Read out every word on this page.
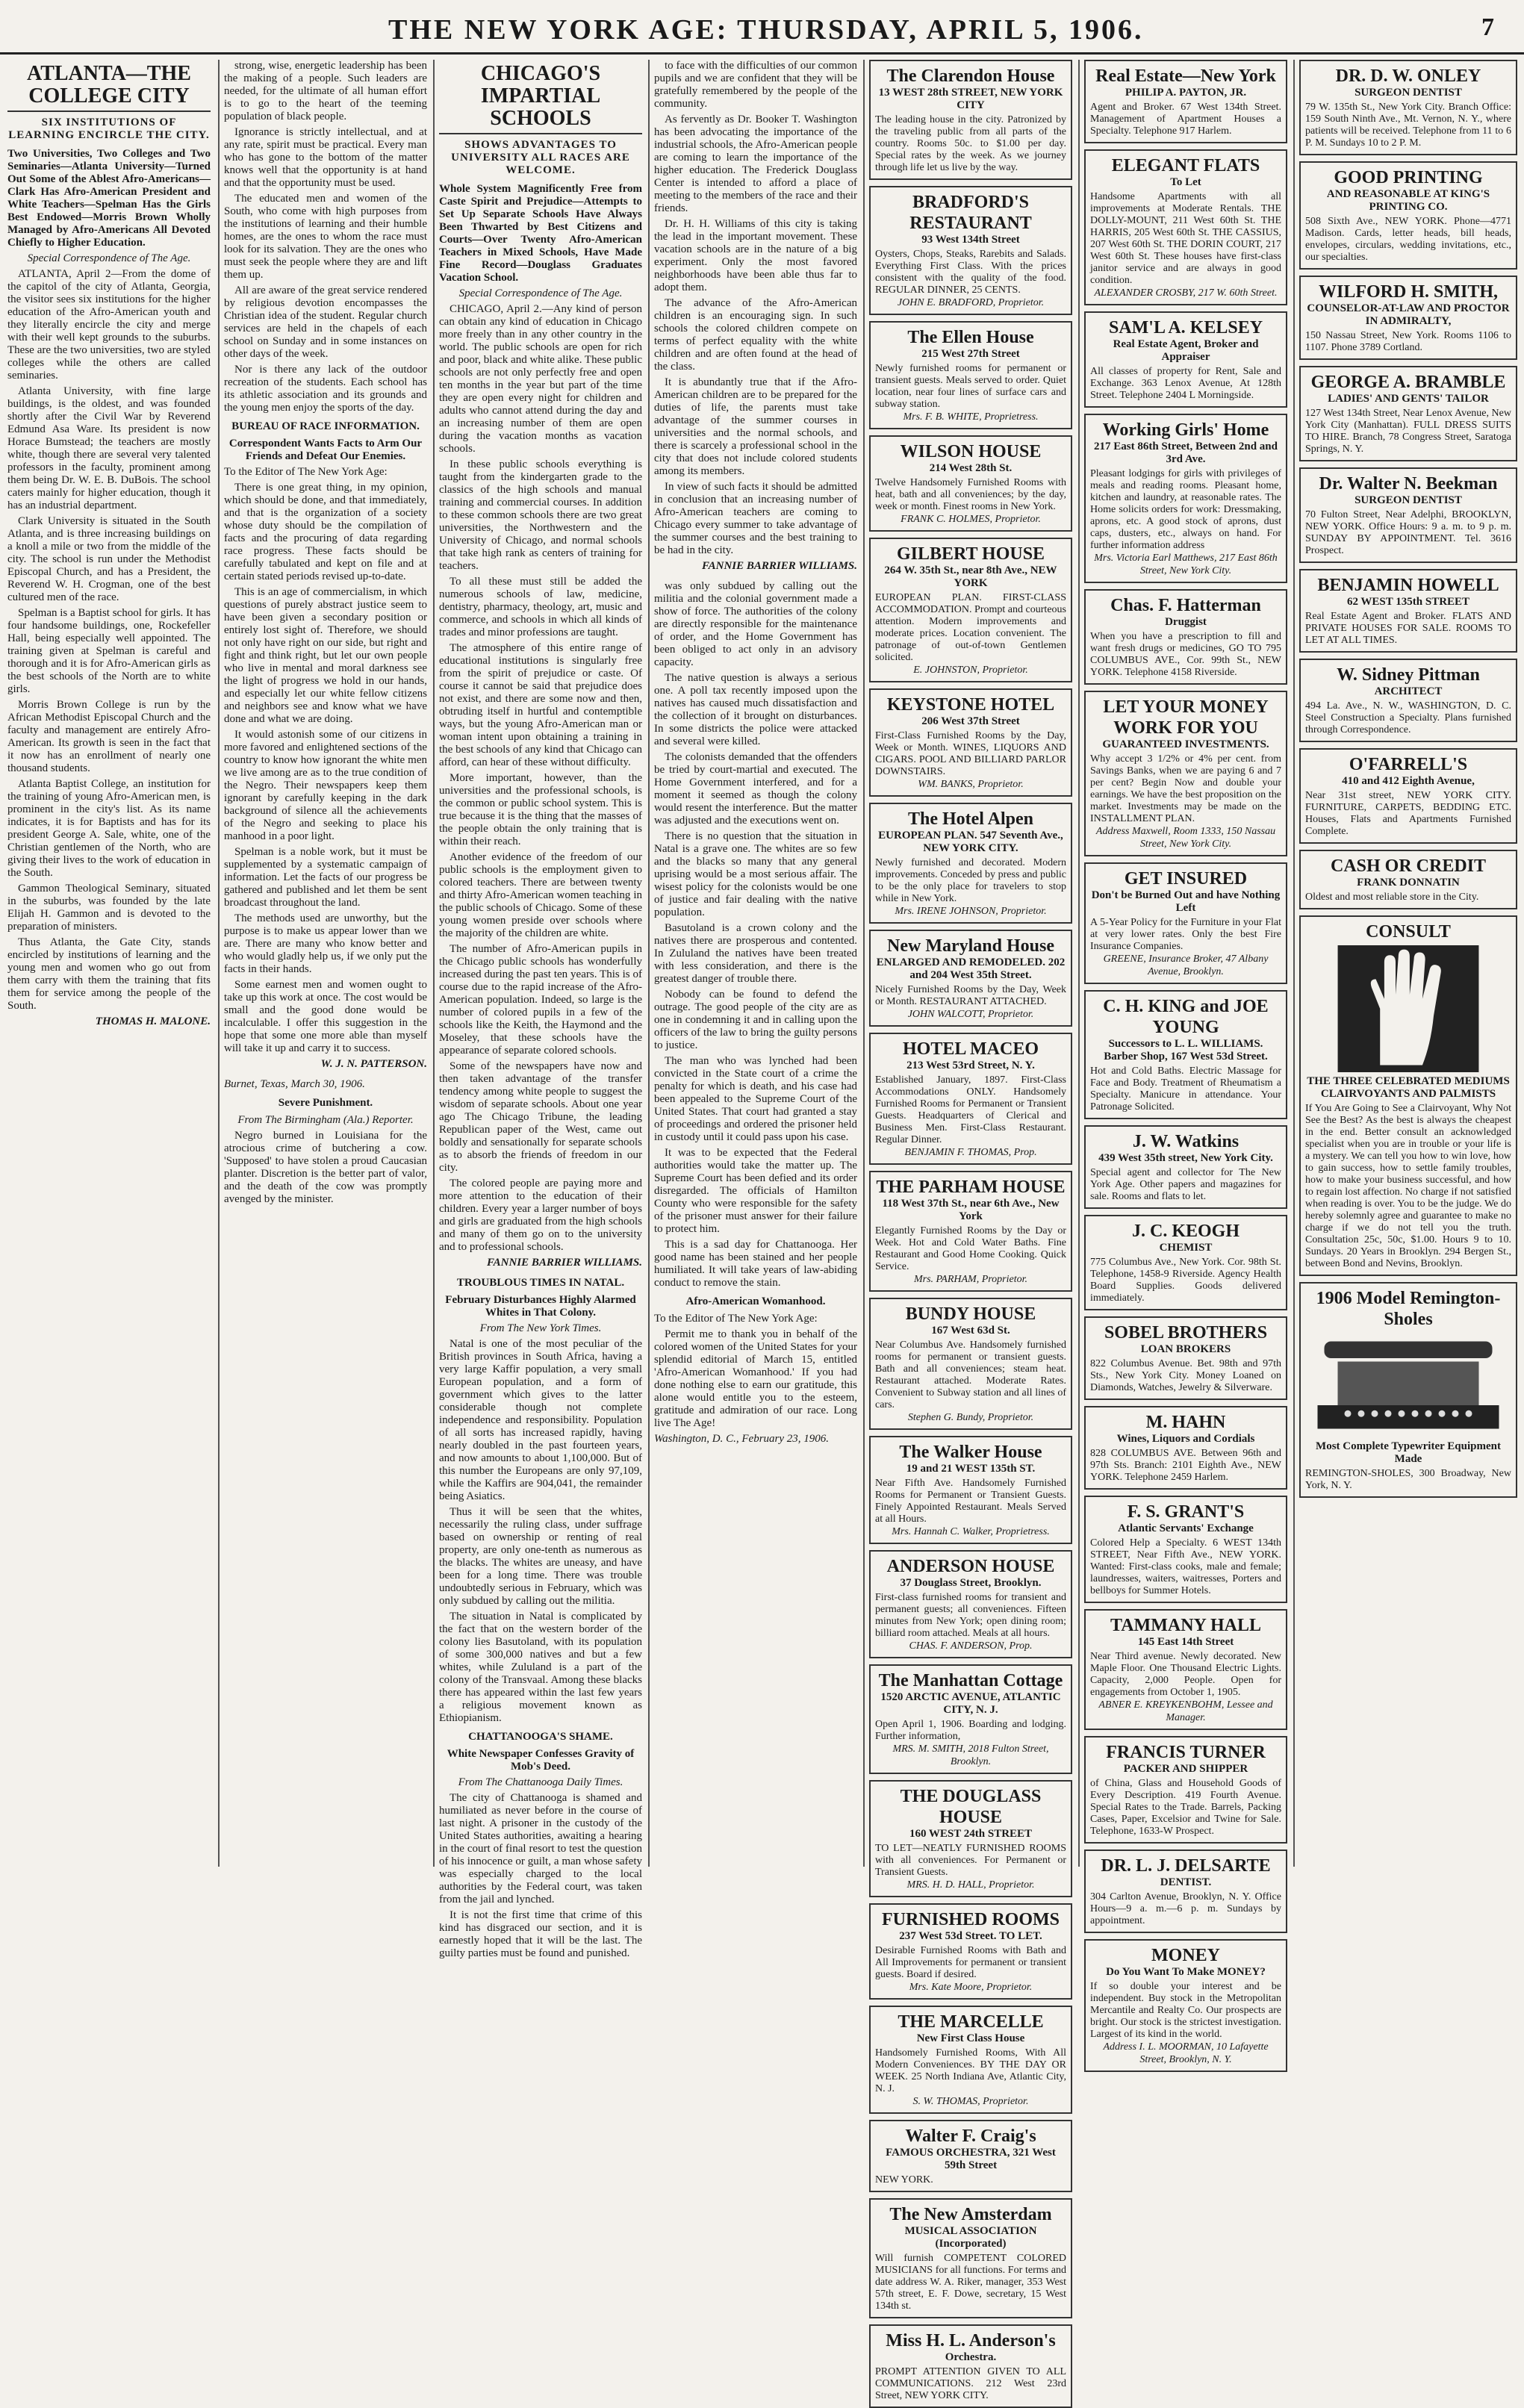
THE NEW YORK AGE: THURSDAY, APRIL 5, 1906.	7
ATLANTA—THE COLLEGE CITY
SIX INSTITUTIONS OF LEARNING ENCIRCLE THE CITY.

Two Universities, Two Colleges and Two Seminaries—Atlanta University—Turned Out Some of the Ablest Afro-Americans—Clark Has Afro-American President and White Teachers—Spelman Has the Girls Best Endowed—Morris Brown Wholly Managed by Afro-Americans All Devoted Chiefly to Higher Education.

Special Correspondence of The Age.

ATLANTA, April 2—From the dome of the capitol of the city of Atlanta, Georgia, the visitor sees six institutions for the higher education of the Afro-American youth and they literally encircle the city and merge with their well kept grounds to the suburbs. These are the two universities, two are styled colleges while the others are called seminaries.

Atlanta University, with fine large buildings, is the oldest, and was founded shortly after the Civil War by Reverend Edmund Asa Ware. Its president is now Horace Bumstead; the teachers are mostly white, though there are several very talented professors in the faculty, prominent among them being Dr. W. E. B. DuBois. The school caters mainly for higher education, though it has an industrial department.

Clark University is situated in the South Atlanta, and is three increasing buildings on a knoll a mile or two from the middle of the city. The school is run under the Methodist Episcopal Church, and has a President, the Reverend W. H. Crogman, one of the best cultured men of the race.

Spelman is a Baptist school for girls. It has four handsome buildings, one, Rockefeller Hall, being especially well appointed. The training given at Spelman is careful and thorough and it is for Afro-American girls as the best schools of the North are to white girls.

Morris Brown College is run by the African Methodist Episcopal Church and the faculty and management are entirely Afro-American. Its growth is seen in the fact that it now has an enrollment of nearly one thousand students.

Atlanta Baptist College, an institution for the training of young Afro-American men, is prominent in the city's list. As its name indicates, it is for Baptists and has for its president George A. Sale, white, one of the Christian gentlemen of the North, who are giving their lives to the work of education in the South.

Gammon Theological Seminary, situated in the suburbs, was founded by the late Elijah H. Gammon and is devoted to the preparation of ministers.

Thus Atlanta, the Gate City, stands encircled by institutions of learning and the young men and women who go out from them carry with them the training that fits them for service among the people of the South.

THOMAS H. MALONE.

strong, wise, energetic leadership has been the making of a people. Such leaders are needed, for the ultimate of all human effort is to go to the heart of the teeming population of black people.

Ignorance is strictly intellectual, and at any rate, spirit must be practical. Every man who has gone to the bottom of the matter knows well that the opportunity is at hand and that the opportunity must be used.

The educated men and women of the South, who come with high purposes from the institutions of learning and their humble homes, are the ones to whom the race must look for its salvation. They are the ones who must seek the people where they are and lift them up.

All are aware of the great service rendered by religious devotion encompasses the Christian idea of the student. Regular church services are held in the chapels of each school on Sunday and in some instances on other days of the week.

Nor is there any lack of the outdoor recreation of the students. Each school has its athletic association and its grounds and the young men enjoy the sports of the day.

BUREAU OF RACE INFORMATION.

Correspondent Wants Facts to Arm Our Friends and Defeat Our Enemies.

To the Editor of The New York Age:

There is one great thing, in my opinion, which should be done, and that immediately, and that is the organization of a society whose duty should be the compilation of facts and the procuring of data regarding race progress. These facts should be carefully tabulated and kept on file and at certain stated periods revised up-to-date.

This is an age of commercialism, in which questions of purely abstract justice seem to have been given a secondary position or entirely lost sight of. Therefore, we should not only have right on our side, but right and fight and think right, but let our own people who live in mental and moral darkness see the light of progress we hold in our hands, and especially let our white fellow citizens and neighbors see and know what we have done and what we are doing.

It would astonish some of our citizens in more favored and enlightened sections of the country to know how ignorant the white men we live among are as to the true condition of the Negro. Their newspapers keep them ignorant by carefully keeping in the dark background of silence all the achievements of the Negro and seeking to place his manhood in a poor light.

Spelman is a noble work, but it must be supplemented by a systematic campaign of information. Let the facts of our progress be gathered and published and let them be sent broadcast throughout the land.

The methods used are unworthy, but the purpose is to make us appear lower than we are. There are many who know better and who would gladly help us, if we only put the facts in their hands.

Some earnest men and women ought to take up this work at once. The cost would be small and the good done would be incalculable. I offer this suggestion in the hope that some one more able than myself will take it up and carry it to success.

W. J. N. PATTERSON.

Burnet, Texas, March 30, 1906.

Severe Punishment.

From The Birmingham (Ala.) Reporter.

Negro burned in Louisiana for the atrocious crime of butchering a cow. 'Supposed' to have stolen a proud Caucasian planter. Discretion is the better part of valor, and the death of the cow was promptly avenged by the minister.

CHICAGO'S IMPARTIAL SCHOOLS
SHOWS ADVANTAGES TO UNIVERSITY ALL RACES ARE WELCOME.

Whole System Magnificently Free from Caste Spirit and Prejudice—Attempts to Set Up Separate Schools Have Always Been Thwarted by Best Citizens and Courts—Over Twenty Afro-American Teachers in Mixed Schools, Have Made Fine Record—Douglass Graduates Vacation School.

Special Correspondence of The Age.

CHICAGO, April 2.—Any kind of person can obtain any kind of education in Chicago more freely than in any other country in the world. The public schools are open for rich and poor, black and white alike. These public schools are not only perfectly free and open ten months in the year but part of the time they are open every night for children and adults who cannot attend during the day and an increasing number of them are open during the vacation months as vacation schools.

In these public schools everything is taught from the kindergarten grade to the classics of the high schools and manual training and commercial courses. In addition to these common schools there are two great universities, the Northwestern and the University of Chicago, and normal schools that take high rank as centers of training for teachers.

To all these must still be added the numerous schools of law, medicine, dentistry, pharmacy, theology, art, music and commerce, and schools in which all kinds of trades and minor professions are taught.

The atmosphere of this entire range of educational institutions is singularly free from the spirit of prejudice or caste. Of course it cannot be said that prejudice does not exist, and there are some now and then, obtruding itself in hurtful and contemptible ways, but the young Afro-American man or woman intent upon obtaining a training in the best schools of any kind that Chicago can afford, can hear of these without difficulty.

More important, however, than the universities and the professional schools, is the common or public school system. This is true because it is the thing that the masses of the people obtain the only training that is within their reach.

Another evidence of the freedom of our public schools is the employment given to colored teachers. There are between twenty and thirty Afro-American women teaching in the public schools of Chicago. Some of these young women preside over schools where the majority of the children are white.

The number of Afro-American pupils in the Chicago public schools has wonderfully increased during the past ten years. This is of course due to the rapid increase of the Afro-American population. Indeed, so large is the number of colored pupils in a few of the schools like the Keith, the Haymond and the Moseley, that these schools have the appearance of separate colored schools.

Some of the newspapers have now and then taken advantage of the transfer tendency among white people to suggest the wisdom of separate schools. About one year ago The Chicago Tribune, the leading Republican paper of the West, came out boldly and sensationally for separate schools as to absorb the friends of freedom in our city.

The colored people are paying more and more attention to the education of their children. Every year a larger number of boys and girls are graduated from the high schools and many of them go on to the university and to professional schools.

FANNIE BARRIER WILLIAMS.
TROUBLOUS TIMES IN NATAL.

February Disturbances Highly Alarmed Whites in That Colony.

From The New York Times.

Natal is one of the most peculiar of the British provinces in South Africa, having a very large Kaffir population, a very small European population, and a form of government which gives to the latter considerable though not complete independence and responsibility. Population of all sorts has increased rapidly, having nearly doubled in the past fourteen years, and now amounts to about 1,100,000. But of this number the Europeans are only 97,109, while the Kaffirs are 904,041, the remainder being Asiatics.

Thus it will be seen that the whites, necessarily the ruling class, under suffrage based on ownership or renting of real property, are only one-tenth as numerous as the blacks. The whites are uneasy, and have been for a long time. There was trouble undoubtedly serious in February, which was only subdued by calling out the militia.

The situation in Natal is complicated by the fact that on the western border of the colony lies Basutoland, with its population of some 300,000 natives and but a few whites, while Zululand is a part of the colony of the Transvaal. Among these blacks there has appeared within the last few years a religious movement known as Ethiopianism.

CHATTANOOGA'S SHAME.

White Newspaper Confesses Gravity of Mob's Deed.

From The Chattanooga Daily Times.

The city of Chattanooga is shamed and humiliated as never before in the course of last night. A prisoner in the custody of the United States authorities, awaiting a hearing in the court of final resort to test the question of his innocence or guilt, a man whose safety was especially charged to the local authorities by the Federal court, was taken from the jail and lynched.

It is not the first time that crime of this kind has disgraced our section, and it is earnestly hoped that it will be the last. The guilty parties must be found and punished.

to face with the difficulties of our common pupils and we are confident that they will be gratefully remembered by the people of the community.

As fervently as Dr. Booker T. Washington has been advocating the importance of the industrial schools, the Afro-American people are coming to learn the importance of the higher education. The Frederick Douglass Center is intended to afford a place of meeting to the members of the race and their friends.

Dr. H. H. Williams of this city is taking the lead in the important movement. These vacation schools are in the nature of a big experiment. Only the most favored neighborhoods have been able thus far to adopt them.

The advance of the Afro-American children is an encouraging sign. In such schools the colored children compete on terms of perfect equality with the white children and are often found at the head of the class.

It is abundantly true that if the Afro-American children are to be prepared for the duties of life, the parents must take advantage of the summer courses in universities and the normal schools, and there is scarcely a professional school in the city that does not include colored students among its members.

In view of such facts it should be admitted in conclusion that an increasing number of Afro-American teachers are coming to Chicago every summer to take advantage of the summer courses and the best training to be had in the city.

FANNIE BARRIER WILLIAMS.

was only subdued by calling out the militia and the colonial government made a show of force. The authorities of the colony are directly responsible for the maintenance of order, and the Home Government has been obliged to act only in an advisory capacity.

The native question is always a serious one. A poll tax recently imposed upon the natives has caused much dissatisfaction and the collection of it brought on disturbances. In some districts the police were attacked and several were killed.

The colonists demanded that the offenders be tried by court-martial and executed. The Home Government interfered, and for a moment it seemed as though the colony would resent the interference. But the matter was adjusted and the executions went on.

There is no question that the situation in Natal is a grave one. The whites are so few and the blacks so many that any general uprising would be a most serious affair. The wisest policy for the colonists would be one of justice and fair dealing with the native population.

Basutoland is a crown colony and the natives there are prosperous and contented. In Zululand the natives have been treated with less consideration, and there is the greatest danger of trouble there.

Nobody can be found to defend the outrage. The good people of the city are as one in condemning it and in calling upon the officers of the law to bring the guilty persons to justice.

The man who was lynched had been convicted in the State court of a crime the penalty for which is death, and his case had been appealed to the Supreme Court of the United States. That court had granted a stay of proceedings and ordered the prisoner held in custody until it could pass upon his case.

It was to be expected that the Federal authorities would take the matter up. The Supreme Court has been defied and its order disregarded. The officials of Hamilton County who were responsible for the safety of the prisoner must answer for their failure to protect him.

This is a sad day for Chattanooga. Her good name has been stained and her people humiliated. It will take years of law-abiding conduct to remove the stain.

Afro-American Womanhood.

To the Editor of The New York Age:

Permit me to thank you in behalf of the colored women of the United States for your splendid editorial of March 15, entitled 'Afro-American Womanhood.' If you had done nothing else to earn our gratitude, this alone would entitle you to the esteem, gratitude and admiration of our race. Long live The Age!

Washington, D. C., February 23, 1906.

The Clarendon House
13 WEST 28th STREET, NEW YORK CITY
The leading house in the city. Patronized by the traveling public from all parts of the country. Rooms 50c. to $1.00 per day. Special rates by the week. As we journey through life let us live by the way.
BRADFORD'S RESTAURANT
93 West 134th Street
Oysters, Chops, Steaks, Rarebits and Salads. Everything First Class. With the prices consistent with the quality of the food. REGULAR DINNER, 25 CENTS.
JOHN E. BRADFORD, Proprietor.
The Ellen House
215 West 27th Street
Newly furnished rooms for permanent or transient guests. Meals served to order. Quiet location, near four lines of surface cars and subway station.
Mrs. F. B. WHITE, Proprietress.
WILSON HOUSE
214 West 28th St.
Twelve Handsomely Furnished Rooms with heat, bath and all conveniences; by the day, week or month. Finest rooms in New York.
FRANK C. HOLMES, Proprietor.
GILBERT HOUSE
264 W. 35th St., near 8th Ave., NEW YORK
EUROPEAN PLAN. FIRST-CLASS ACCOMMODATION. Prompt and courteous attention. Modern improvements and moderate prices. Location convenient. The patronage of out-of-town Gentlemen solicited.
E. JOHNSTON, Proprietor.
KEYSTONE HOTEL
206 West 37th Street
First-Class Furnished Rooms by the Day, Week or Month. WINES, LIQUORS AND CIGARS. POOL AND BILLIARD PARLOR DOWNSTAIRS.
WM. BANKS, Proprietor.
The Hotel Alpen
EUROPEAN PLAN. 547 Seventh Ave., NEW YORK CITY.
Newly furnished and decorated. Modern improvements. Conceded by press and public to be the only place for travelers to stop while in New York.
Mrs. IRENE JOHNSON, Proprietor.
New Maryland House
ENLARGED AND REMODELED. 202 and 204 West 35th Street.
Nicely Furnished Rooms by the Day, Week or Month. RESTAURANT ATTACHED.
JOHN WALCOTT, Proprietor.
HOTEL MACEO
213 West 53rd Street, N. Y.
Established January, 1897. First-Class Accommodations ONLY. Handsomely Furnished Rooms for Permanent or Transient Guests. Headquarters of Clerical and Business Men. First-Class Restaurant. Regular Dinner.
BENJAMIN F. THOMAS, Prop.
THE PARHAM HOUSE
118 West 37th St., near 6th Ave., New York
Elegantly Furnished Rooms by the Day or Week. Hot and Cold Water Baths. Fine Restaurant and Good Home Cooking. Quick Service.
Mrs. PARHAM, Proprietor.
BUNDY HOUSE
167 West 63d St.
Near Columbus Ave. Handsomely furnished rooms for permanent or transient guests. Bath and all conveniences; steam heat. Restaurant attached. Moderate Rates. Convenient to Subway station and all lines of cars.
Stephen G. Bundy, Proprietor.
The Walker House
19 and 21 WEST 135th ST.
Near Fifth Ave. Handsomely Furnished Rooms for Permanent or Transient Guests. Finely Appointed Restaurant. Meals Served at all Hours.
Mrs. Hannah C. Walker, Proprietress.
ANDERSON HOUSE
37 Douglass Street, Brooklyn.
First-class furnished rooms for transient and permanent guests; all conveniences. Fifteen minutes from New York; open dining room; billiard room attached. Meals at all hours.
CHAS. F. ANDERSON, Prop.
The Manhattan Cottage
1520 ARCTIC AVENUE, ATLANTIC CITY, N. J.
Open April 1, 1906. Boarding and lodging. Further information,
MRS. M. SMITH, 2018 Fulton Street, Brooklyn.
THE DOUGLASS HOUSE
160 WEST 24th STREET
TO LET—NEATLY FURNISHED ROOMS with all conveniences. For Permanent or Transient Guests.
MRS. H. D. HALL, Proprietor.
FURNISHED ROOMS
237 West 53d Street. TO LET.
Desirable Furnished Rooms with Bath and All Improvements for permanent or transient guests. Board if desired.
Mrs. Kate Moore, Proprietor.
THE MARCELLE
New First Class House
Handsomely Furnished Rooms, With All Modern Conveniences. BY THE DAY OR WEEK. 25 North Indiana Ave, Atlantic City, N. J.
S. W. THOMAS, Proprietor.
Walter F. Craig's
FAMOUS ORCHESTRA, 321 West 59th Street
NEW YORK.
The New Amsterdam
MUSICAL ASSOCIATION (Incorporated)
Will furnish COMPETENT COLORED MUSICIANS for all functions. For terms and date address W. A. Riker, manager, 353 West 57th street, E. F. Dowe, secretary, 15 West 134th st.
Miss H. L. Anderson's
Orchestra.
PROMPT ATTENTION GIVEN TO ALL COMMUNICATIONS. 212 West 23rd Street, NEW YORK CITY.
Real Estate—New York
PHILIP A. PAYTON, JR.
Agent and Broker. 67 West 134th Street. Management of Apartment Houses a Specialty. Telephone 917 Harlem.
ELEGANT FLATS
To Let
Handsome Apartments with all improvements at Moderate Rentals. THE DOLLY-MOUNT, 211 West 60th St. THE HARRIS, 205 West 60th St. THE CASSIUS, 207 West 60th St. THE DORIN COURT, 217 West 60th St. These houses have first-class janitor service and are always in good condition.
ALEXANDER CROSBY, 217 W. 60th Street.
SAM'L A. KELSEY
Real Estate Agent, Broker and Appraiser
All classes of property for Rent, Sale and Exchange. 363 Lenox Avenue, At 128th Street. Telephone 2404 L Morningside.
Working Girls' Home
217 East 86th Street, Between 2nd and 3rd Ave.
Pleasant lodgings for girls with privileges of meals and reading rooms. Pleasant home, kitchen and laundry, at reasonable rates. The Home solicits orders for work: Dressmaking, aprons, etc. A good stock of aprons, dust caps, dusters, etc., always on hand. For further information address
Mrs. Victoria Earl Matthews, 217 East 86th Street, New York City.
Chas. F. Hatterman
Druggist
When you have a prescription to fill and want fresh drugs or medicines, GO TO 795 COLUMBUS AVE., Cor. 99th St., NEW YORK. Telephone 4158 Riverside.
LET YOUR MONEY WORK FOR YOU
GUARANTEED INVESTMENTS.
Why accept 3 1/2% or 4% per cent. from Savings Banks, when we are paying 6 and 7 per cent? Begin Now and double your earnings. We have the best proposition on the market. Investments may be made on the INSTALLMENT PLAN.
Address Maxwell, Room 1333, 150 Nassau Street, New York City.
GET INSURED
Don't be Burned Out and have Nothing Left
A 5-Year Policy for the Furniture in your Flat at very lower rates. Only the best Fire Insurance Companies.
GREENE, Insurance Broker, 47 Albany Avenue, Brooklyn.
C. H. KING and JOE YOUNG
Successors to L. L. WILLIAMS. Barber Shop, 167 West 53d Street.
Hot and Cold Baths. Electric Massage for Face and Body. Treatment of Rheumatism a Specialty. Manicure in attendance. Your Patronage Solicited.
J. W. Watkins
439 West 35th street, New York City.
Special agent and collector for The New York Age. Other papers and magazines for sale. Rooms and flats to let.
J. C. KEOGH
CHEMIST
775 Columbus Ave., New York. Cor. 98th St. Telephone, 1458-9 Riverside. Agency Health Board Supplies. Goods delivered immediately.
SOBEL BROTHERS
LOAN BROKERS
822 Columbus Avenue. Bet. 98th and 97th Sts., New York City. Money Loaned on Diamonds, Watches, Jewelry & Silverware.
M. HAHN
Wines, Liquors and Cordials
828 COLUMBUS AVE. Between 96th and 97th Sts. Branch: 2101 Eighth Ave., NEW YORK. Telephone 2459 Harlem.
F. S. GRANT'S
Atlantic Servants' Exchange
Colored Help a Specialty. 6 WEST 134th STREET, Near Fifth Ave., NEW YORK. Wanted: First-class cooks, male and female; laundresses, waiters, waitresses, Porters and bellboys for Summer Hotels.
TAMMANY HALL
145 East 14th Street
Near Third avenue. Newly decorated. New Maple Floor. One Thousand Electric Lights. Capacity, 2,000 People. Open for engagements from October 1, 1905.
ABNER E. KREYKENBOHM, Lessee and Manager.
FRANCIS TURNER
PACKER AND SHIPPER
of China, Glass and Household Goods of Every Description. 419 Fourth Avenue. Special Rates to the Trade. Barrels, Packing Cases, Paper, Excelsior and Twine for Sale. Telephone, 1633-W Prospect.
DR. L. J. DELSARTE
DENTIST.
304 Carlton Avenue, Brooklyn, N. Y. Office Hours—9 a. m.—6 p. m. Sundays by appointment.
MONEY
Do You Want To Make MONEY?
If so double your interest and be independent. Buy stock in the Metropolitan Mercantile and Realty Co. Our prospects are bright. Our stock is the strictest investigation. Largest of its kind in the world.
Address I. L. MOORMAN, 10 Lafayette Street, Brooklyn, N. Y.
DR. D. W. ONLEY
SURGEON DENTIST
79 W. 135th St., New York City. Branch Office: 159 South Ninth Ave., Mt. Vernon, N. Y., where patients will be received. Telephone from 11 to 6 P. M. Sundays 10 to 2 P. M.
GOOD PRINTING
AND REASONABLE AT KING'S PRINTING CO.
508 Sixth Ave., NEW YORK. Phone—4771 Madison. Cards, letter heads, bill heads, envelopes, circulars, wedding invitations, etc., our specialties.
WILFORD H. SMITH,
COUNSELOR-AT-LAW AND PROCTOR IN ADMIRALTY,
150 Nassau Street, New York. Rooms 1106 to 1107. Phone 3789 Cortland.
GEORGE A. BRAMBLE
LADIES' AND GENTS' TAILOR
127 West 134th Street, Near Lenox Avenue, New York City (Manhattan). FULL DRESS SUITS TO HIRE. Branch, 78 Congress Street, Saratoga Springs, N. Y.
Dr. Walter N. Beekman
SURGEON DENTIST
70 Fulton Street, Near Adelphi, BROOKLYN, NEW YORK. Office Hours: 9 a. m. to 9 p. m. SUNDAY BY APPOINTMENT. Tel. 3616 Prospect.
BENJAMIN HOWELL
62 WEST 135th STREET
Real Estate Agent and Broker. FLATS AND PRIVATE HOUSES FOR SALE. ROOMS TO LET AT ALL TIMES.
W. Sidney Pittman
ARCHITECT
494 La. Ave., N. W., WASHINGTON, D. C. Steel Construction a Specialty. Plans furnished through Correspondence.
O'FARRELL'S
410 and 412 Eighth Avenue,
Near 31st street, NEW YORK CITY. FURNITURE, CARPETS, BEDDING ETC. Houses, Flats and Apartments Furnished Complete.
CASH OR CREDIT
FRANK DONNATIN
Oldest and most reliable store in the City.
CONSULT
THE THREE CELEBRATED MEDIUMS CLAIRVOYANTS AND PALMISTS
If You Are Going to See a Clairvoyant, Why Not See the Best? As the best is always the cheapest in the end. Better consult an acknowledged specialist when you are in trouble or your life is a mystery. We can tell you how to win love, how to gain success, how to settle family troubles, how to make your business successful, and how to regain lost affection. No charge if not satisfied when reading is over. You to be the judge. We do hereby solemnly agree and guarantee to make no charge if we do not tell you the truth. Consultation 25c, 50c, $1.00. Hours 9 to 10. Sundays. 20 Years in Brooklyn. 294 Bergen St., between Bond and Nevins, Brooklyn.
1906 Model Remington-Sholes
Most Complete Typewriter Equipment Made
REMINGTON-SHOLES, 300 Broadway, New York, N. Y.
